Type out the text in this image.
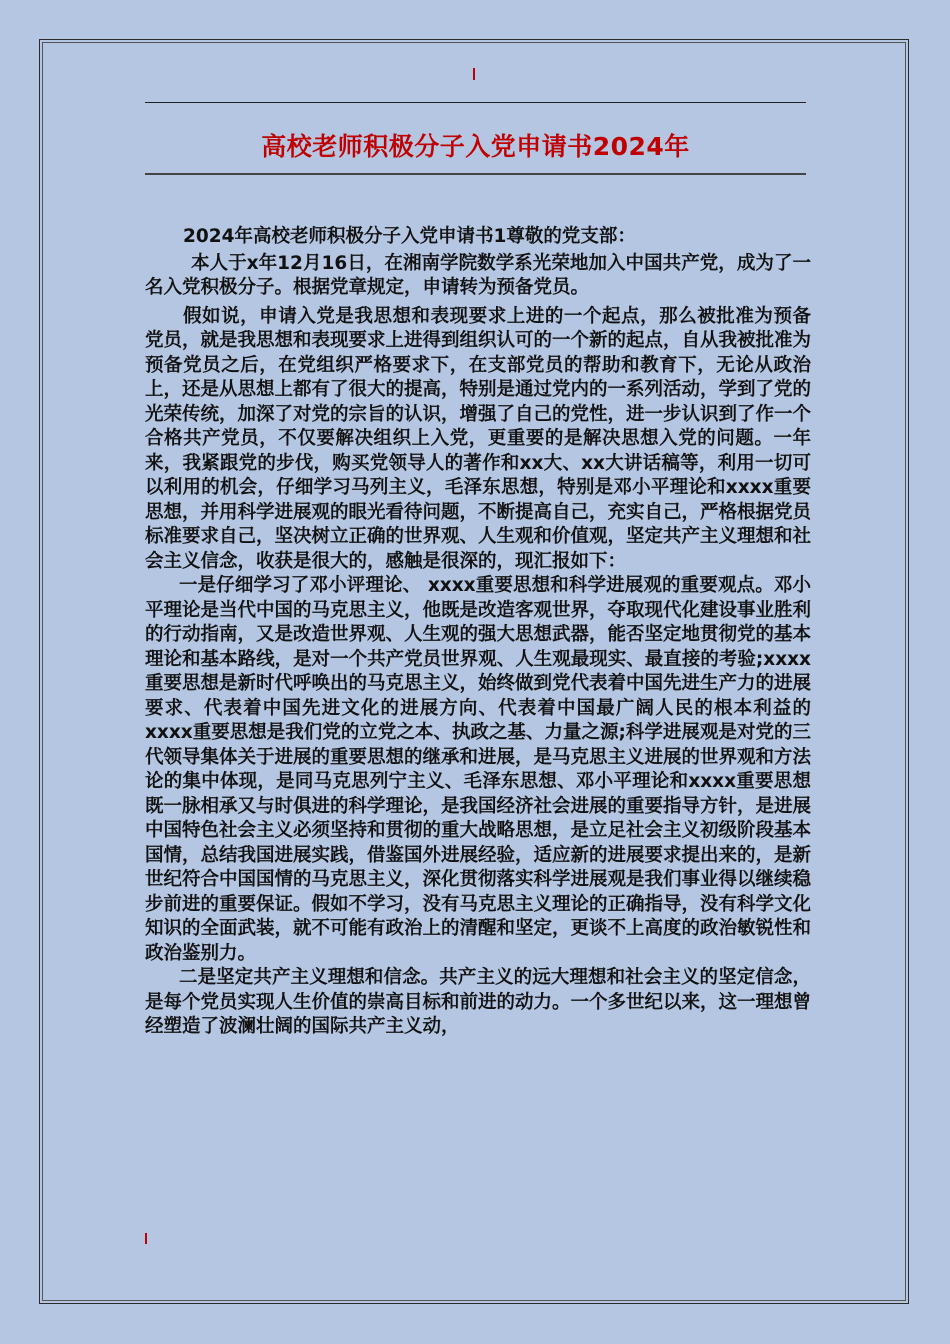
高校老师积极分子入党申请书2024年

2024年高校老师积极分子入党申请书1尊敬的党支部：

本人于x年12月16日，在湘南学院数学系光荣地加入中国共产党，成为了一名入党积极分子。根据党章规定，申请转为预备党员。

假如说，申请入党是我思想和表现要求上进的一个起点，那么被批准为预备党员，就是我思想和表现要求上进得到组织认可的一个新的起点，自从我被批准为预备党员之后，在党组织严格要求下，在支部党员的帮助和教育下，无论从政治上，还是从思想上都有了很大的提高，特别是通过党内的一系列活动，学到了党的光荣传统，加深了对党的宗旨的认识，增强了自己的党性，进一步认识到了作一个合格共产党员，不仅要解决组织上入党，更重要的是解决思想入党的问题。一年来，我紧跟党的步伐，购买党领导人的著作和xx大、xx大讲话稿等，利用一切可以利用的机会，仔细学习马列主义，毛泽东思想，特别是邓小平理论和xxxx重要思想，并用科学进展观的眼光看待问题，不断提高自己，充实自己，严格根据党员标准要求自己，坚决树立正确的世界观、人生观和价值观，坚定共产主义理想和社会主义信念，收获是很大的，感触是很深的，现汇报如下：

一是仔细学习了邓小评理论、 xxxx重要思想和科学进展观的重要观点。邓小平理论是当代中国的马克思主义，他既是改造客观世界，夺取现代化建设事业胜利的行动指南，又是改造世界观、人生观的强大思想武器，能否坚定地贯彻党的基本理论和基本路线，是对一个共产党员世界观、人生观最现实、最直接的考验;xxxx重要思想是新时代呼唤出的马克思主义，始终做到党代表着中国先进生产力的进展要求、代表着中国先进文化的进展方向、代表着中国最广阔人民的根本利益的xxxx重要思想是我们党的立党之本、执政之基、力量之源;科学进展观是对党的三代领导集体关于进展的重要思想的继承和进展，是马克思主义进展的世界观和方法论的集中体现，是同马克思列宁主义、毛泽东思想、邓小平理论和xxxx重要思想既一脉相承又与时俱进的科学理论，是我国经济社会进展的重要指导方针，是进展中国特色社会主义必须坚持和贯彻的重大战略思想，是立足社会主义初级阶段基本国情，总结我国进展实践，借鉴国外进展经验，适应新的进展要求提出来的，是新世纪符合中国国情的马克思主义，深化贯彻落实科学进展观是我们事业得以继续稳步前进的重要保证。假如不学习，没有马克思主义理论的正确指导，没有科学文化知识的全面武装，就不可能有政治上的清醒和坚定，更谈不上高度的政治敏锐性和政治鉴别力。

二是坚定共产主义理想和信念。共产主义的远大理想和社会主义的坚定信念，是每个党员实现人生价值的崇高目标和前进的动力。一个多世纪以来，这一理想曾经塑造了波澜壮阔的国际共产主义动，
